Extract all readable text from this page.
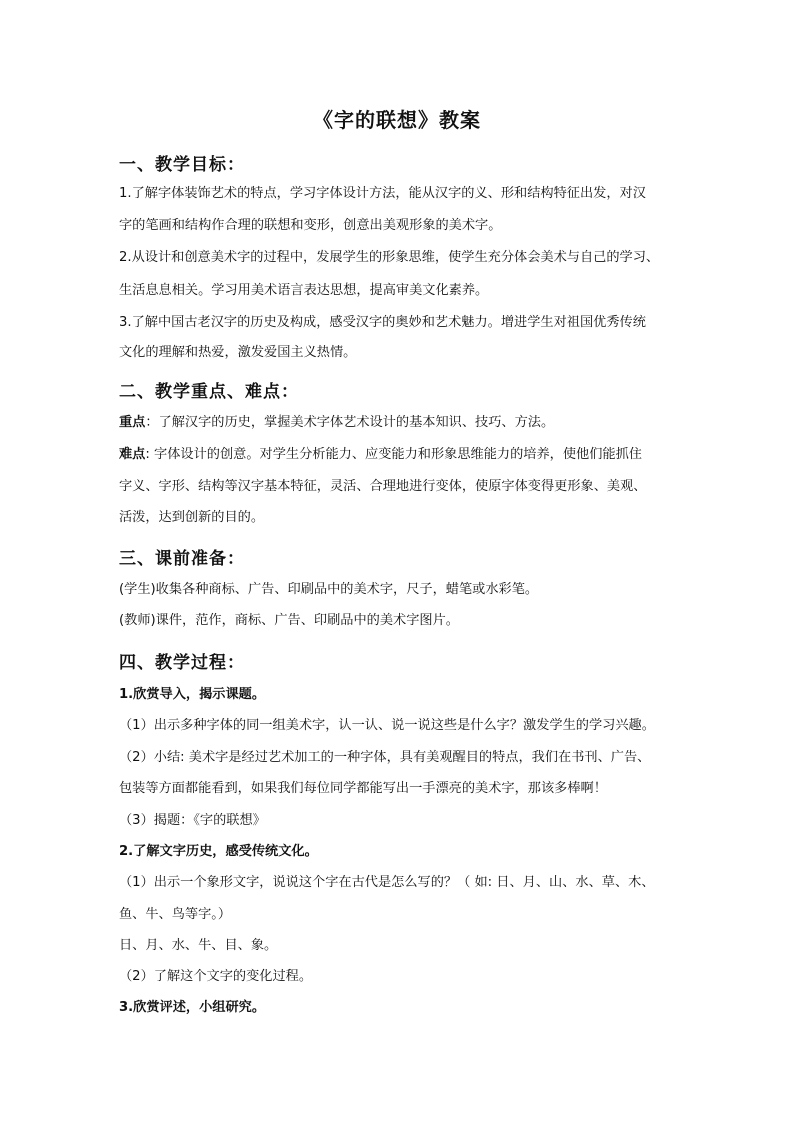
《字的联想》教案
一、教学目标：
1.了解字体装饰艺术的特点，学习字体设计方法，能从汉字的义、形和结构特征出发，对汉
字的笔画和结构作合理的联想和变形，创意出美观形象的美术字。
2.从设计和创意美术字的过程中，发展学生的形象思维，使学生充分体会美术与自己的学习、
生活息息相关。学习用美术语言表达思想，提高审美文化素养。
3.了解中国古老汉字的历史及构成，感受汉字的奥妙和艺术魅力。增进学生对祖国优秀传统
文化的理解和热爱，激发爱国主义热情。
二、教学重点、难点：
重点：了解汉字的历史，掌握美术字体艺术设计的基本知识、技巧、方法。
难点: 字体设计的创意。对学生分析能力、应变能力和形象思维能力的培养，使他们能抓住
字义、字形、结构等汉字基本特征，灵活、合理地进行变体，使原字体变得更形象、美观、
活泼，达到创新的目的。
三、课前准备：
(学生)收集各种商标、广告、印刷品中的美术字，尺子，蜡笔或水彩笔。
(教师)课件，范作，商标、广告、印刷品中的美术字图片。
四、教学过程：
1.欣赏导入，揭示课题。
（1）出示多种字体的同一组美术字，认一认、说一说这些是什么字？激发学生的学习兴趣。
（2）小结: 美术字是经过艺术加工的一种字体，具有美观醒目的特点，我们在书刊、广告、
包装等方面都能看到，如果我们每位同学都能写出一手漂亮的美术字，那该多棒啊！
（3）揭题：《字的联想》
2.了解文字历史，感受传统文化。
（1）出示一个象形文字，说说这个字在古代是怎么写的？（ 如: 日、月、山、水、草、木、
鱼、牛、鸟等字。）
日、月、水、牛、目、象。
（2）了解这个文字的变化过程。
3.欣赏评述，小组研究。
